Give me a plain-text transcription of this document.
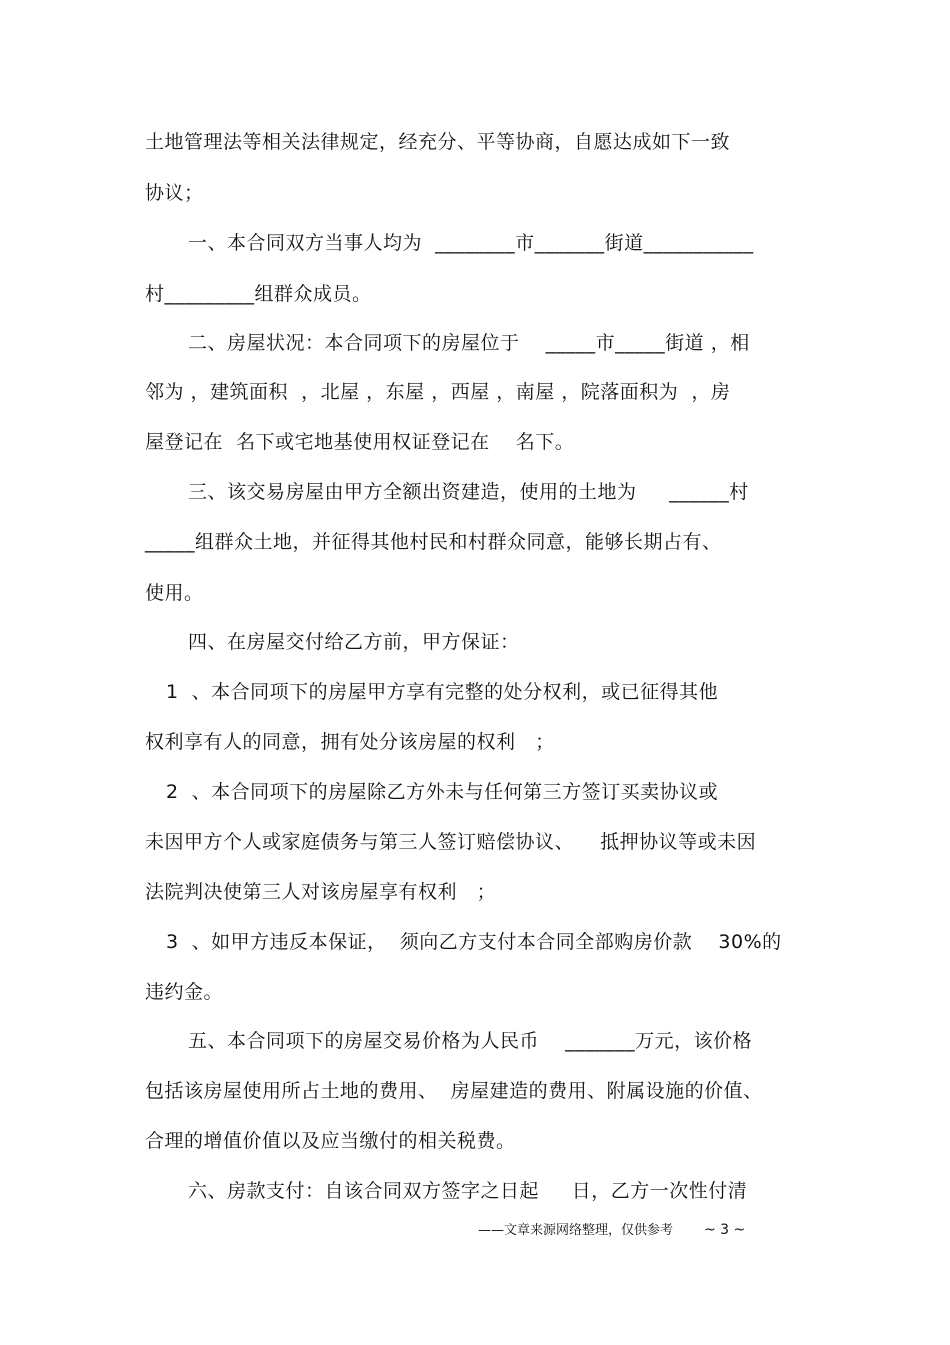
土地管理法等相关法律规定，经充分、平等协商，自愿达成如下一致
协议；
一、本合同双方当事人均为  ________市_______街道___________
村_________组群众成员。
二、房屋状况：本合同项下的房屋位于    _____市_____街道 ，相
邻为 ，建筑面积  ，北屋 ，东屋 ，西屋 ，南屋 ，院落面积为  ，房
屋登记在  名下或宅地基使用权证登记在    名下。
三、该交易房屋由甲方全额出资建造，使用的土地为     ______村
_____组群众土地，并征得其他村民和村群众同意，能够长期占有、
使用。
四、在房屋交付给乙方前，甲方保证：
1  、本合同项下的房屋甲方享有完整的处分权利，或已征得其他
权利享有人的同意，拥有处分该房屋的权利   ；
2  、本合同项下的房屋除乙方外未与任何第三方签订买卖协议或
未因甲方个人或家庭债务与第三人签订赔偿协议、    抵押协议等或未因
法院判决使第三人对该房屋享有权利   ；
3  、如甲方违反本保证，  须向乙方支付本合同全部购房价款    30%的
违约金。
五、本合同项下的房屋交易价格为人民币    _______万元，该价格
包括该房屋使用所占土地的费用、  房屋建造的费用、附属设施的价值、
合理的增值价值以及应当缴付的相关税费。
六、房款支付：自该合同双方签字之日起     日，乙方一次性付清
——文章来源网络整理，仅供参考 ~ 3 ~
